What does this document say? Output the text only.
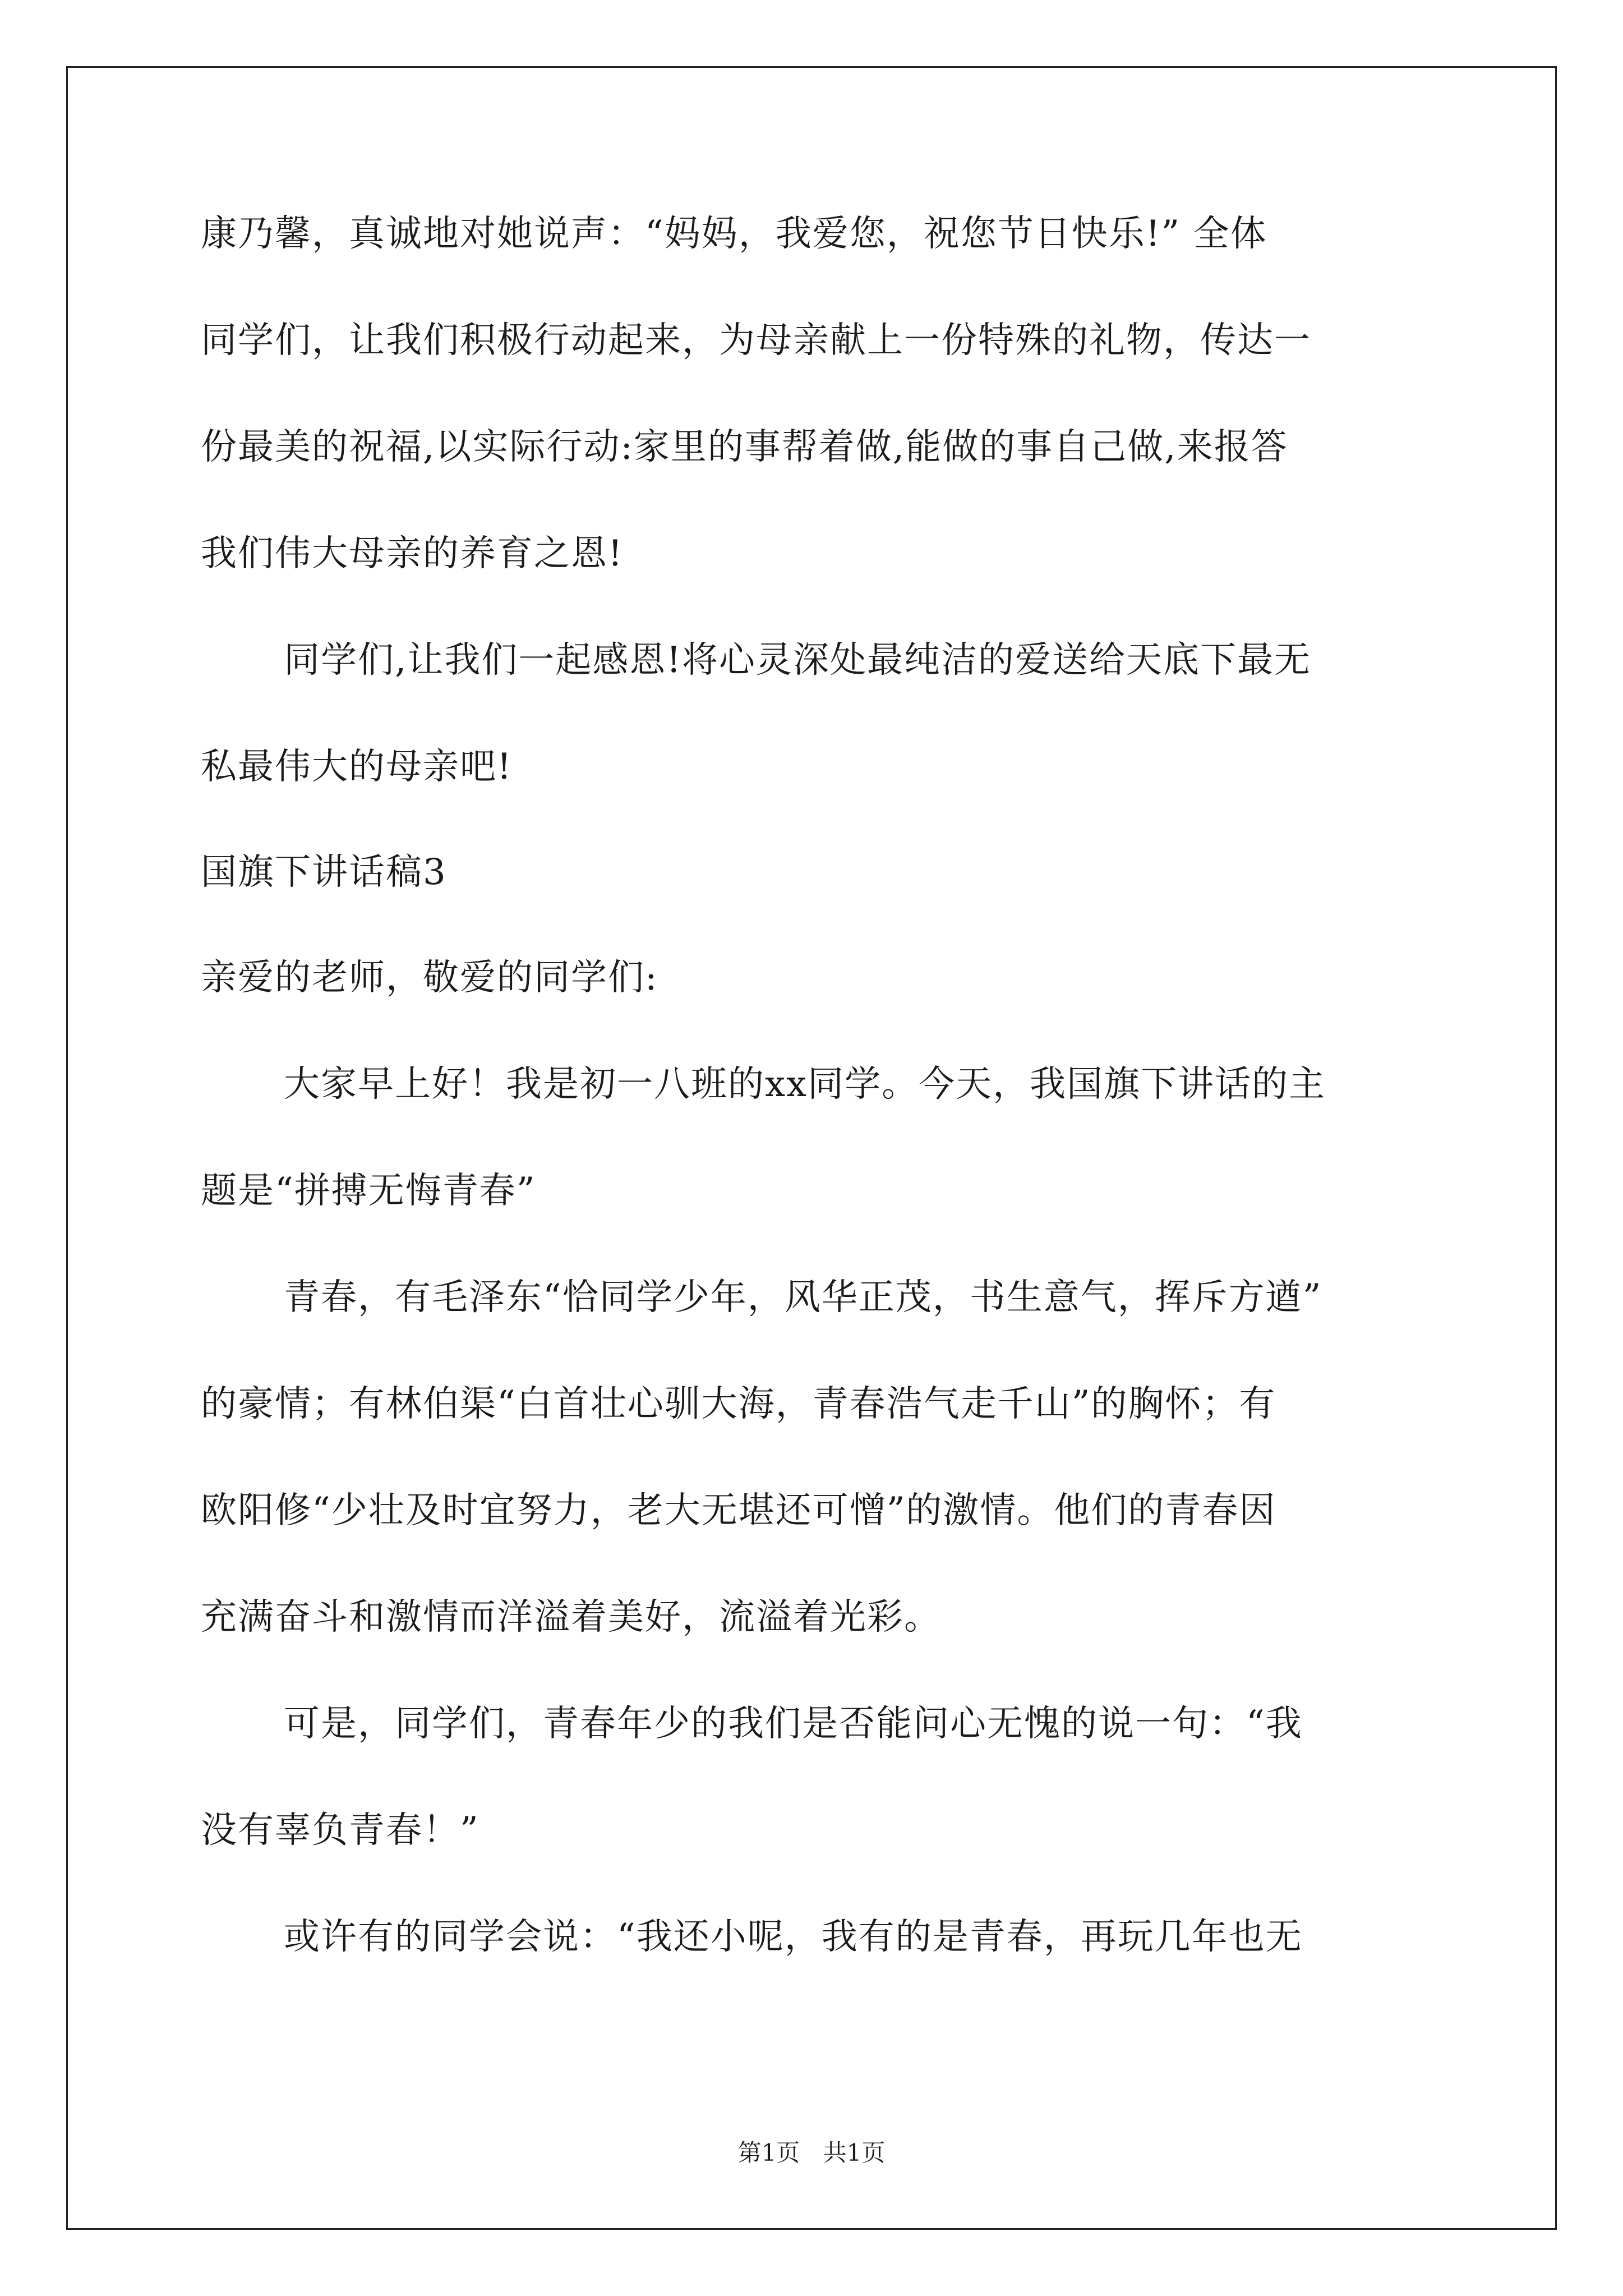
康乃馨，真诚地对她说声：“妈妈，我爱您，祝您节日快乐!” 全体
同学们，让我们积极行动起来，为母亲献上一份特殊的礼物，传达一
份最美的祝福,以实际行动:家里的事帮着做,能做的事自己做,来报答
我们伟大母亲的养育之恩!
同学们,让我们一起感恩!将心灵深处最纯洁的爱送给天底下最无
私最伟大的母亲吧!
国旗下讲话稿3
亲爱的老师，敬爱的同学们:
大家早上好！我是初一八班的xx同学。今天，我国旗下讲话的主
题是“拼搏无悔青春”
青春，有毛泽东“恰同学少年，风华正茂，书生意气，挥斥方遒”
的豪情；有林伯渠“白首壮心驯大海，青春浩气走千山”的胸怀；有
欧阳修“少壮及时宜努力，老大无堪还可憎”的激情。他们的青春因
充满奋斗和激情而洋溢着美好，流溢着光彩。
可是，同学们，青春年少的我们是否能问心无愧的说一句：“我
没有辜负青春！”
或许有的同学会说：“我还小呢，我有的是青春，再玩几年也无
第1页 共1页
